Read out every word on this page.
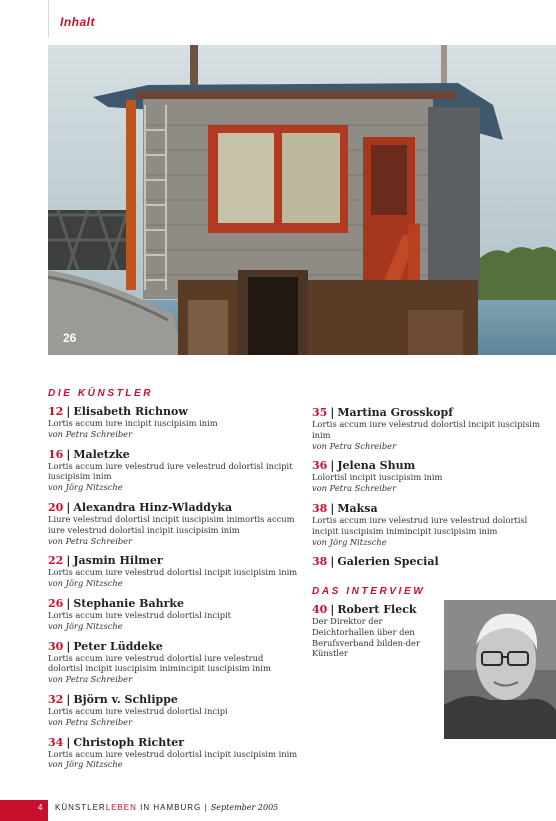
Inhalt
26
DIE KÜNSTLER
12 | Elisabeth Richnow
Lortis accum iure incipit iuscipisim inim
von Petra Schreiber
16 | Maletzke
Lortis accum iure velestrud iure velestrud dolortisl incipit iuscipisim inim
von Jörg Nitzsche
20 | Alexandra Hinz-Wladdyka
Liure velestrud dolortisl incipit iuscipisim inimortis accum iure velestrud dolortisl incipit iuscipisim inim
von Petra Schreiber
22 | Jasmin Hilmer
Lortis accum iure velestrud dolortisl incipit iuscipisim inim
von Jörg Nitzsche
26 | Stephanie Bahrke
Lortis accum iure velestrud dolortisl incipit
von Jörg Nitzsche
30 | Peter Lüddeke
Lortis accum iure velestrud dolortisl iure velestrud dolortisl incipit iuscipisim inimincipit iuscipisim inim
von Petra Schreiber
32 | Björn v. Schlippe
Lortis accum iure velestrud dolortisl incipi
von Petra Schreiber
34 | Christoph Richter
Lortis accum iure velestrud dolortisl incipit iuscipisim inim
von Jörg Nitzsche
35 | Martina Grosskopf
Lortis accum iure velestrud dolortisl incipit iuscipisim inim
von Petra Schreiber
36 | Jelena Shum
Lolortisl incipit iuscipisim inim
von Petra Schreiber
38 | Maksa
Lortis accum iure velestrud iure velestrud dolortisl incipit iuscipisim inimincipit iuscipisim inim
von Jörg Nitzsche
38 | Galerien Special
DAS INTERVIEW
40 | Robert Fleck
Der Direktor der Deichtorhallen über den Berufsverband bilden-der Künstler
4 KÜNSTLERLEBEN IN HAMBURG | September 2005
